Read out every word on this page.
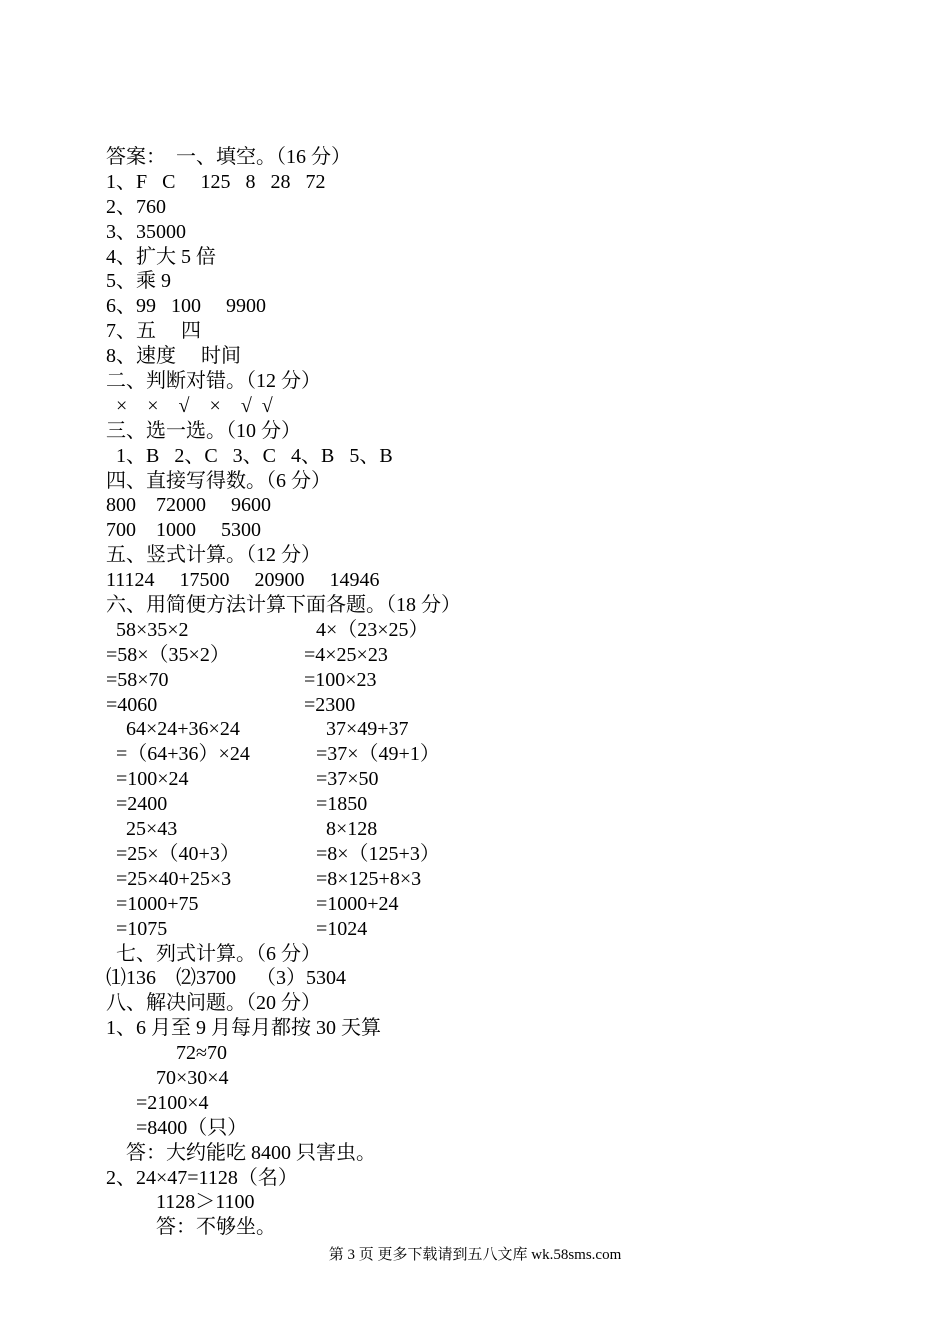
答案：  一、填空。（16 分）
1、F   C     125   8   28   72
2、760
3、35000
4、扩大 5 倍
5、乘 9
6、99   100     9900
7、五     四
8、速度     时间
二、判断对错。（12 分）
×    ×    √    ×    √  √
三、选一选。（10 分）
1、B   2、C   3、C   4、B   5、B
四、直接写得数。（6 分）
800    72000     9600
700    1000     5300
五、竖式计算。（12 分）
11124     17500     20900     14946
六、用简便方法计算下面各题。（18 分）
58×35×2	4×（23×25）
=58×（35×2）	=4×25×23
=58×70	=100×23
=4060	=2300
64×24+36×24	37×49+37
=（64+36）×24	=37×（49+1）
=100×24	=37×50
=2400	=1850
25×43	8×128
=25×（40+3）	=8×（125+3）
=25×40+25×3	=8×125+8×3
=1000+75	=1000+24
=1075	=1024
七、列式计算。（6 分）
⑴136    ⑵3700    （3）5304
八、解决问题。（20 分）
1、6 月至 9 月每月都按 30 天算
72≈70
70×30×4
=2100×4
=8400（只）
答：大约能吃 8400 只害虫。
2、24×47=1128（名）
1128＞1100
答：不够坐。
第 3 页 更多下载请到五八文库 wk.58sms.com
